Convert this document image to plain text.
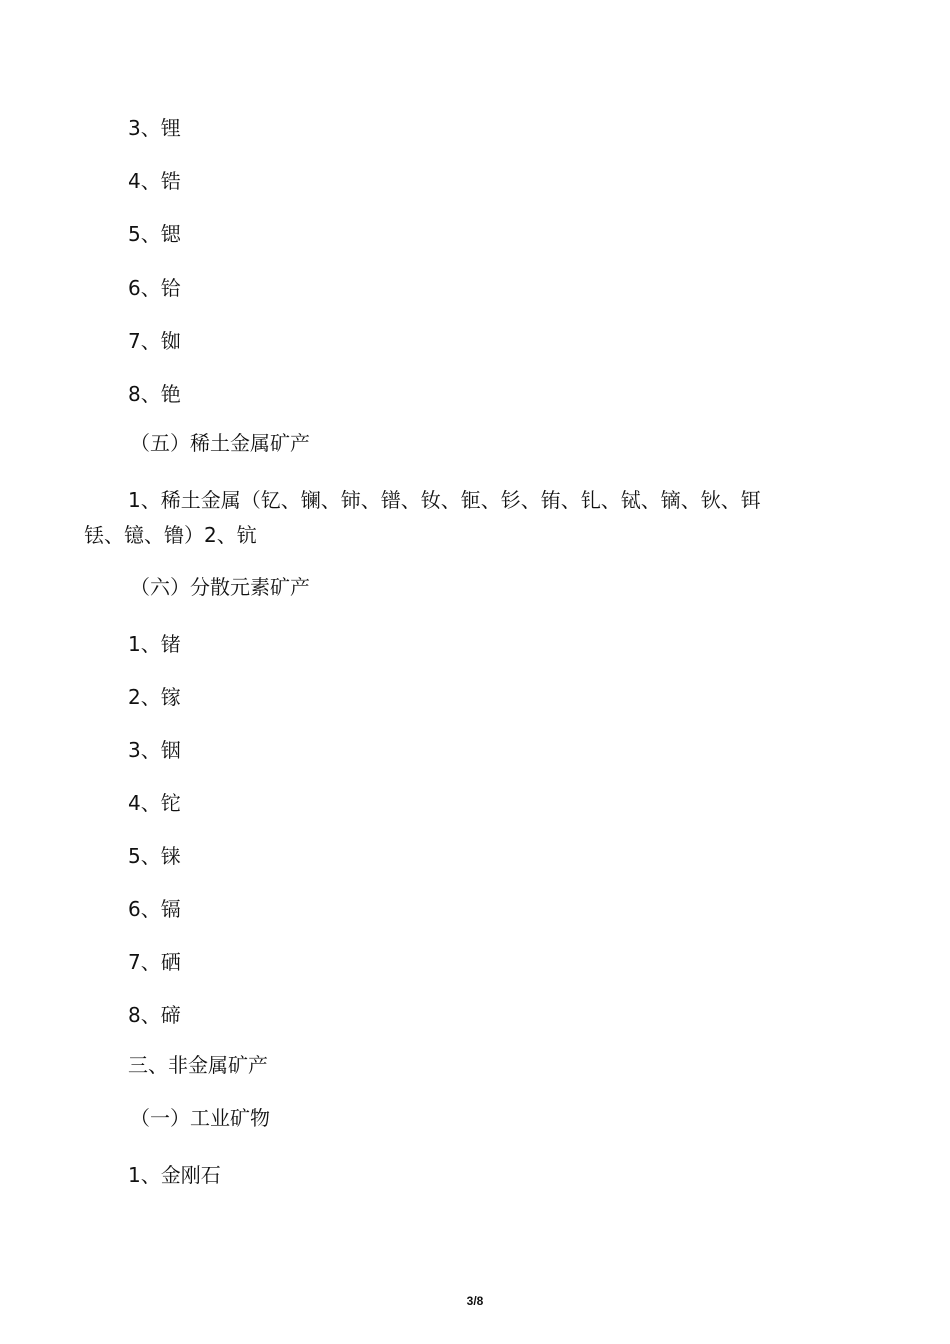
3、锂
4、锆
5、锶
6、铪
7、铷
8、铯
（五）稀土金属矿产
1、稀土金属（钇、镧、铈、镨、钕、钷、钐、铕、钆、铽、镝、钬、铒
铥、镱、镥）2、钪
（六）分散元素矿产
1、锗
2、镓
3、铟
4、铊
5、铼
6、镉
7、硒
8、碲
三、非金属矿产
（一）工业矿物
1、金刚石
3/8
